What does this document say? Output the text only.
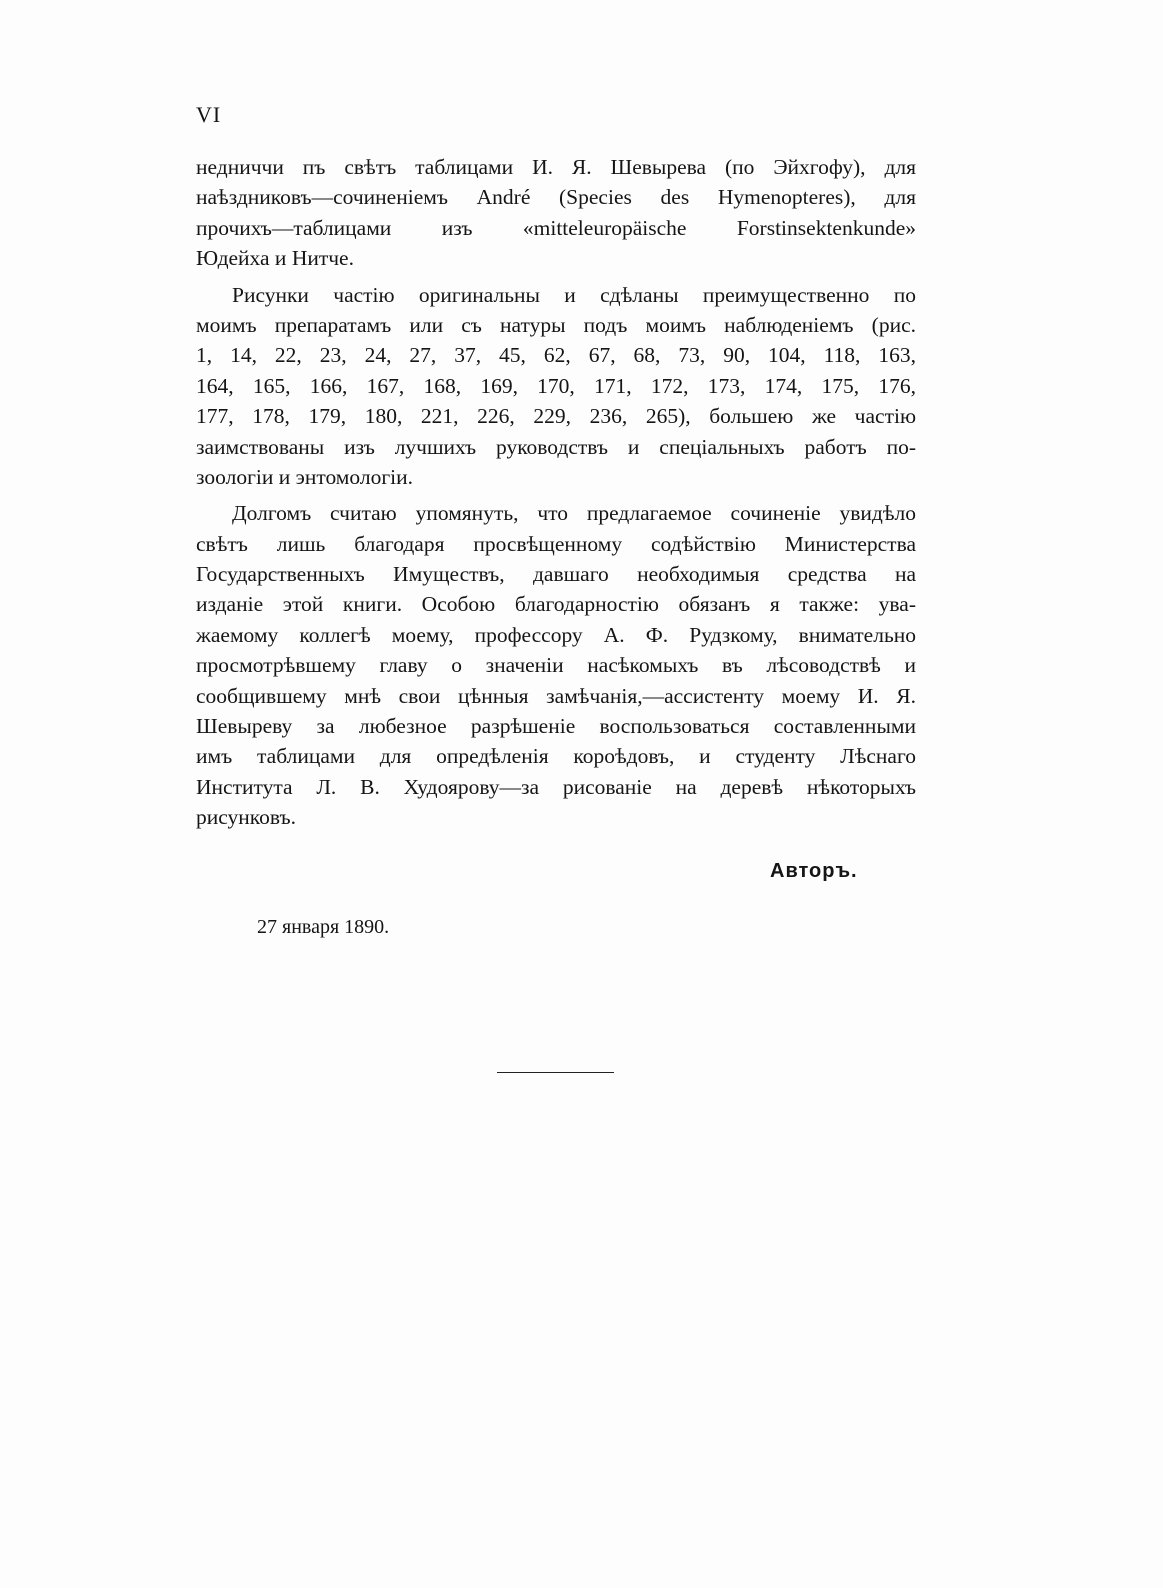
VI
недниччи пъ свѣтъ таблицами И. Я. Шевырева (по Эйхгофу), для
наѣздниковъ—сочиненіемъ André (Species des Hymenopteres), для
прочихъ—таблицами изъ «mitteleuropäische Forstinsektenkunde»
Юдейха и Нитче.
Рисунки частію оригинальны и сдѣланы преимущественно по
моимъ препаратамъ или съ натуры подъ моимъ наблюденіемъ (рис.
1, 14, 22, 23, 24, 27, 37, 45, 62, 67, 68, 73, 90, 104, 118, 163,
164, 165, 166, 167, 168, 169, 170, 171, 172, 173, 174, 175, 176,
177, 178, 179, 180, 221, 226, 229, 236, 265), большею же частію
заимствованы изъ лучшихъ руководствъ и спеціальныхъ работъ по-
зоологіи и энтомологіи.
Долгомъ считаю упомянуть, что предлагаемое сочиненіе увидѣло
свѣтъ лишь благодаря просвѣщенному содѣйствію Министерства
Государственныхъ Имуществъ, давшаго необходимыя средства на
изданіе этой книги. Особою благодарностію обязанъ я также: ува-
жаемому коллегѣ моему, профессору А. Ф. Рудзкому, внимательно
просмотрѣвшему главу о значеніи насѣкомыхъ въ лѣсоводствѣ и
сообщившему мнѣ свои цѣнныя замѣчанія,—ассистенту моему И. Я.
Шевыреву за любезное разрѣшеніе воспользоваться составленными
имъ таблицами для опредѣленія короѣдовъ, и студенту Лѣснаго
Института Л. В. Худоярову—за рисованіе на деревѣ нѣкоторыхъ
рисунковъ.
Авторъ.
27 января 1890.
